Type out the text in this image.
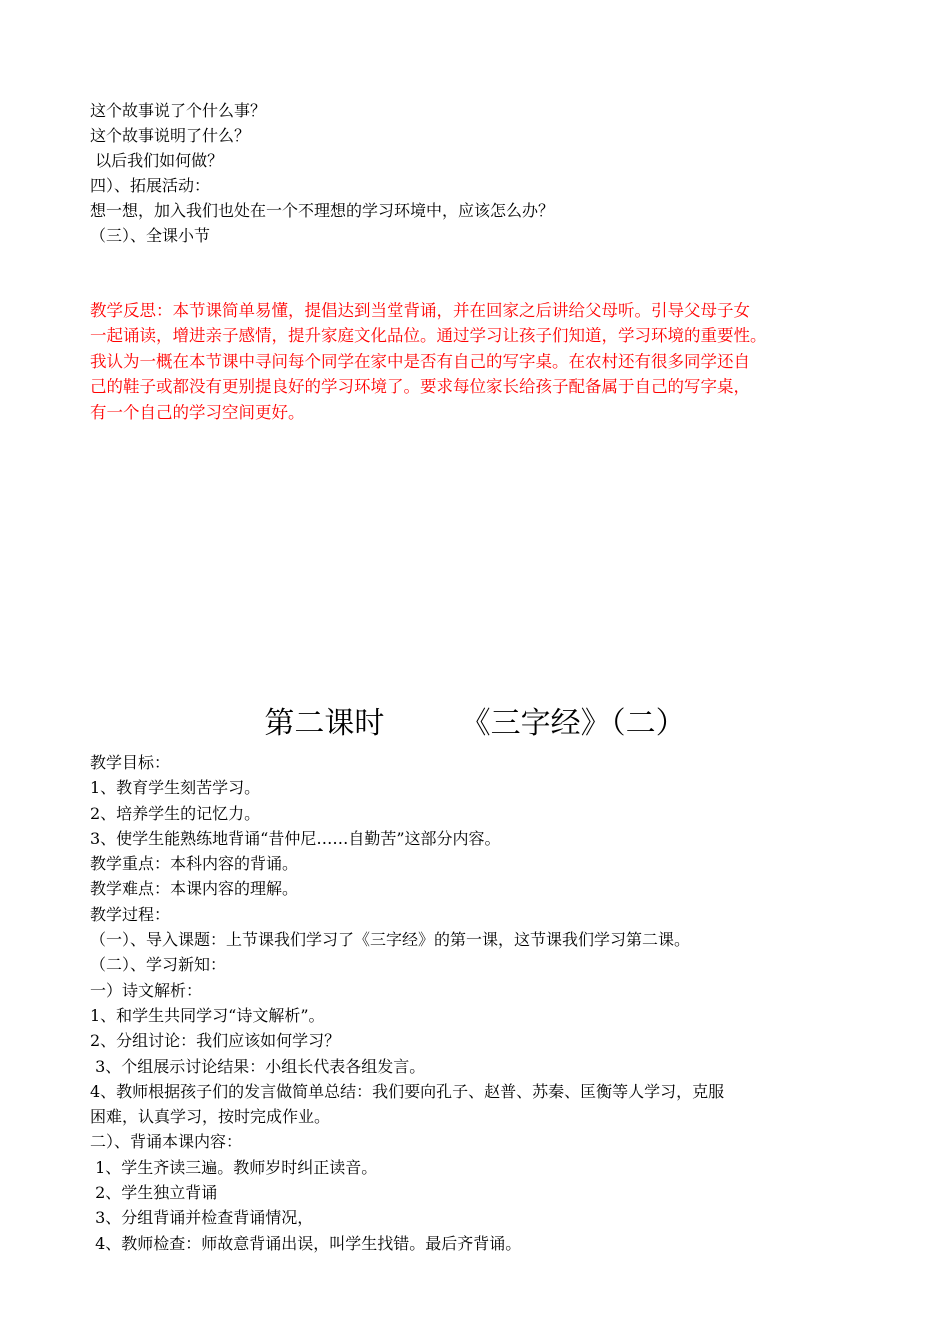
这个故事说了个什么事？
这个故事说明了什么？
以后我们如何做？
四）、拓展活动：
想一想，加入我们也处在一个不理想的学习环境中，应该怎么办？
（三）、全课小节
教学反思：本节课简单易懂，提倡达到当堂背诵，并在回家之后讲给父母听。引导父母子女
一起诵读，增进亲子感情，提升家庭文化品位。通过学习让孩子们知道，学习环境的重要性。
我认为一概在本节课中寻问每个同学在家中是否有自己的写字桌。在农村还有很多同学还自
己的鞋子或都没有更别提良好的学习环境了。要求每位家长给孩子配备属于自己的写字桌，
有一个自己的学习空间更好。
第二课时        《三字经》（二）
教学目标：
1、教育学生刻苦学习。
2、培养学生的记忆力。
3、使学生能熟练地背诵“昔仲尼……自勤苦”这部分内容。
教学重点：本科内容的背诵。
教学难点：本课内容的理解。
教学过程：
（一）、导入课题：上节课我们学习了《三字经》的第一课，这节课我们学习第二课。
（二）、学习新知：
一）诗文解析：
1、和学生共同学习“诗文解析”。
2、分组讨论：我们应该如何学习？
3、个组展示讨论结果：小组长代表各组发言。
4、教师根据孩子们的发言做简单总结：我们要向孔子、赵普、苏秦、匡衡等人学习，克服
困难，认真学习，按时完成作业。
二）、背诵本课内容：
1、学生齐读三遍。教师岁时纠正读音。
2、学生独立背诵
3、分组背诵并检查背诵情况，
4、教师检查：师故意背诵出误，叫学生找错。最后齐背诵。
